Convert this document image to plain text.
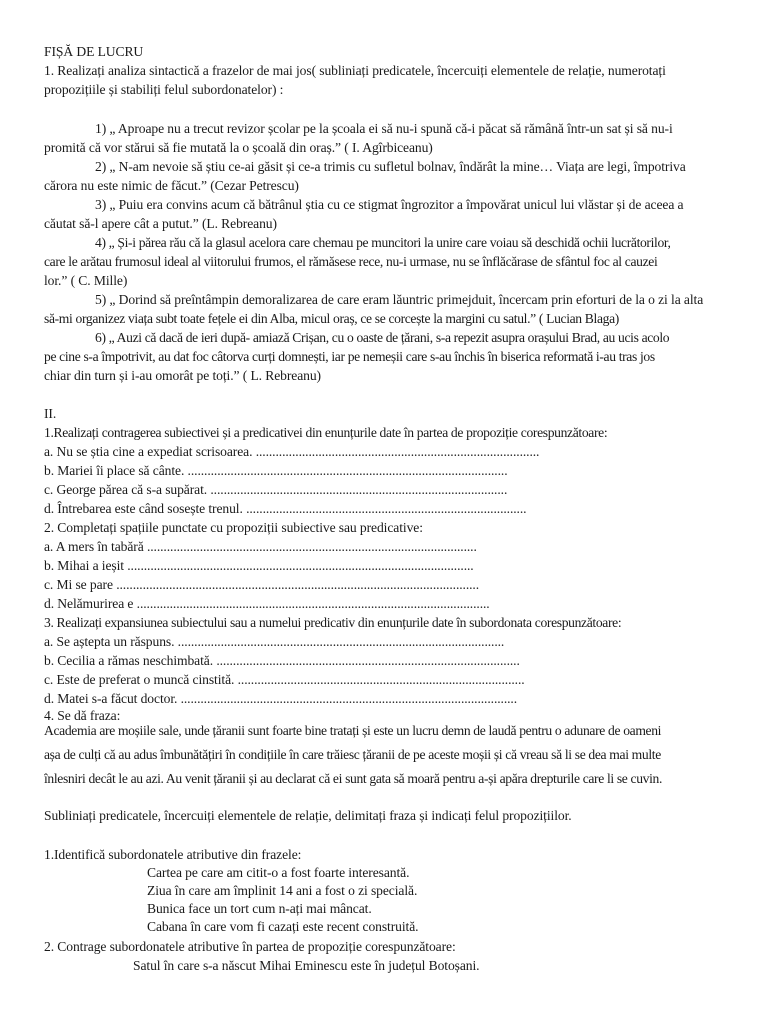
FIȘĂ DE LUCRU
1. Realizați analiza sintactică a frazelor de mai jos( subliniați predicatele, încercuiți elementele de relație, numerotați
propozițiile și stabiliți felul subordonatelor) :
1) „ Aproape nu a trecut revizor școlar pe la școala ei să nu-i spună că-i păcat să rămână într-un sat și să nu-i
promită că vor stărui să fie mutată la o școală din oraș.” ( I. Agîrbiceanu)
2) „ N-am nevoie să știu ce-ai găsit și ce-a trimis cu sufletul bolnav, îndărât la mine… Viața are legi, împotriva
cărora nu este nimic de făcut.” (Cezar Petrescu)
3) „ Puiu era convins acum că bătrânul știa cu ce stigmat îngrozitor a împovărat unicul lui vlăstar și de aceea a
căutat să-l apere cât a putut.” (L. Rebreanu)
4) „ Și-i părea rău că la glasul acelora care chemau pe muncitori la unire care voiau să deschidă ochii lucrătorilor,
care le arătau frumosul ideal al viitorului frumos, el rămăsese rece, nu-i urmase, nu se înflăcărase de sfântul foc al cauzei
lor.” ( C. Mille)
5) „ Dorind să preîntâmpin demoralizarea de care eram lăuntric primejduit, încercam prin eforturi de la o zi la alta
să-mi organizez viața subt toate fețele ei din Alba, micul oraș, ce se corcește la margini cu satul.” ( Lucian Blaga)
6) „ Auzi că dacă de ieri după- amiază Crișan, cu o oaste de țărani, s-a repezit asupra orașului Brad, au ucis acolo
pe cine s-a împotrivit, au dat foc câtorva curți domnești, iar pe nemeșii care s-au închis în biserica reformată i-au tras jos
chiar din turn și i-au omorât pe toți.” ( L. Rebreanu)
II.
1.Realizați contragerea subiectivei și a predicativei din enunțurile date în partea de propoziție corespunzătoare:
a. Nu se știa cine a expediat scrisoarea. ......................................................................................
b. Mariei îi place să cânte. .................................................................................................
c. George părea că s-a supărat. ..........................................................................................
d. Întrebarea este când sosește trenul. .....................................................................................
2. Completați spațiile punctate cu propoziții subiective sau predicative:
a. A mers în tabără ....................................................................................................
b. Mihai a ieșit .........................................................................................................
c. Mi se pare ..............................................................................................................
d. Nelămurirea e ...........................................................................................................
3. Realizați expansiunea subiectului sau a numelui predicativ din enunțurile date în subordonata corespunzătoare:
a. Se aștepta un răspuns. ...................................................................................................
b. Cecilia a rămas neschimbată. ............................................................................................
c. Este de preferat o muncă cinstită. .......................................................................................
d. Matei s-a făcut doctor. ......................................................................................................
4. Se dă fraza:
Academia are moșiile sale, unde țăranii sunt foarte bine tratați și este un lucru demn de laudă pentru o adunare de oameni
așa de culți că au adus îmbunătățiri în condițiile în care trăiesc țăranii de pe aceste moșii și că vreau să li se dea mai multe
înlesniri decât le au azi. Au venit țăranii și au declarat că ei sunt gata să moară pentru a-și apăra drepturile care li se cuvin.
Subliniați predicatele, încercuiți elementele de relație, delimitați fraza și indicați felul propozițiilor.
1.Identifică subordonatele atributive din frazele:
Cartea pe care am citit-o a fost foarte interesantă.
Ziua în care am împlinit 14 ani a fost o zi specială.
Bunica face un tort cum n-ați mai mâncat.
Cabana în care vom fi cazați este recent construită.
2. Contrage subordonatele atributive în partea de propoziție corespunzătoare:
Satul în care s-a născut Mihai Eminescu este în județul Botoșani.
